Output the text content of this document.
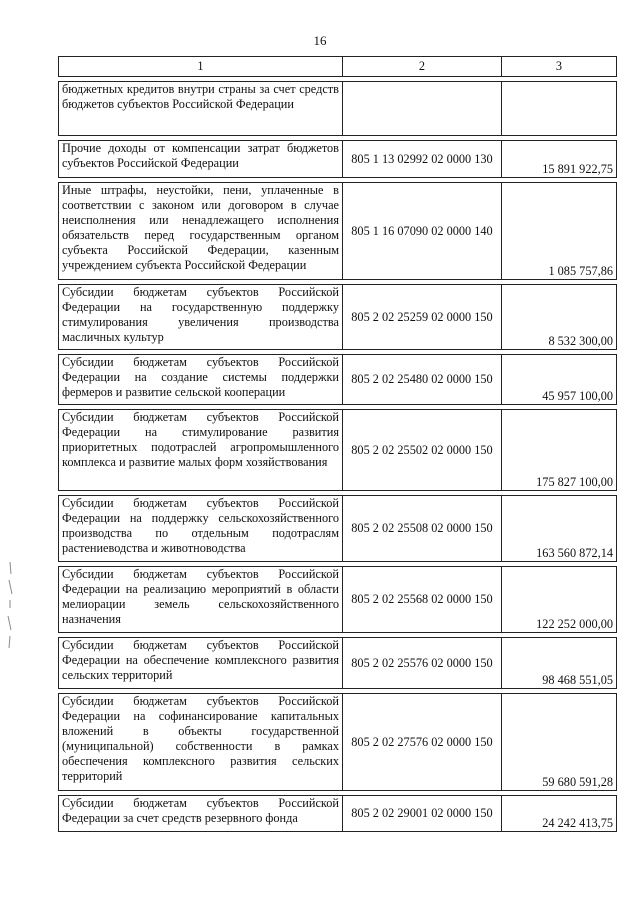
16
1	2	3

бюджетных кредитов внутри страны за счет средств бюджетов субъектов Российской Федерации		

Прочие доходы от компенсации затрат бюджетов субъектов Российской Федерации	805 1 13 02992 02 0000 130	15 891 922,75

Иные штрафы, неустойки, пени, уплаченные в соответствии с законом или договором в случае неисполнения или ненадлежащего исполнения обязательств перед государственным органом субъекта Российской Федерации, казенным учреждением субъекта Российской Федерации	805 1 16 07090 02 0000 140	1 085 757,86

Субсидии бюджетам субъектов Российской Федерации на государственную поддержку стимулирования увеличения производства масличных культур	805 2 02 25259 02 0000 150	8 532 300,00

Субсидии бюджетам субъектов Российской Федерации на создание системы поддержки фермеров и развитие сельской кооперации	805 2 02 25480 02 0000 150	45 957 100,00

Субсидии бюджетам субъектов Российской Федерации на стимулирование развития приоритетных подотраслей агропромышленного комплекса и развитие малых форм хозяйствования	805 2 02 25502 02 0000 150	175 827 100,00

Субсидии бюджетам субъектов Российской Федерации на поддержку сельскохозяйственного производства по отдельным подотраслям растениеводства и животноводства	805 2 02 25508 02 0000 150	163 560 872,14

Субсидии бюджетам субъектов Российской Федерации на реализацию мероприятий в области мелиорации земель сельскохозяйственного назначения	805 2 02 25568 02 0000 150	122 252 000,00

Субсидии бюджетам субъектов Российской Федерации на обеспечение комплексного развития сельских территорий	805 2 02 25576 02 0000 150	98 468 551,05

Субсидии бюджетам субъектов Российской Федерации на софинансирование капитальных вложений в объекты государственной (муниципальной) собственности в рамках обеспечения комплексного развития сельских территорий	805 2 02 27576 02 0000 150	59 680 591,28

Субсидии бюджетам субъектов Российской Федерации за счет средств резервного фонда	805 2 02 29001 02 0000 150	24 242 413,75
